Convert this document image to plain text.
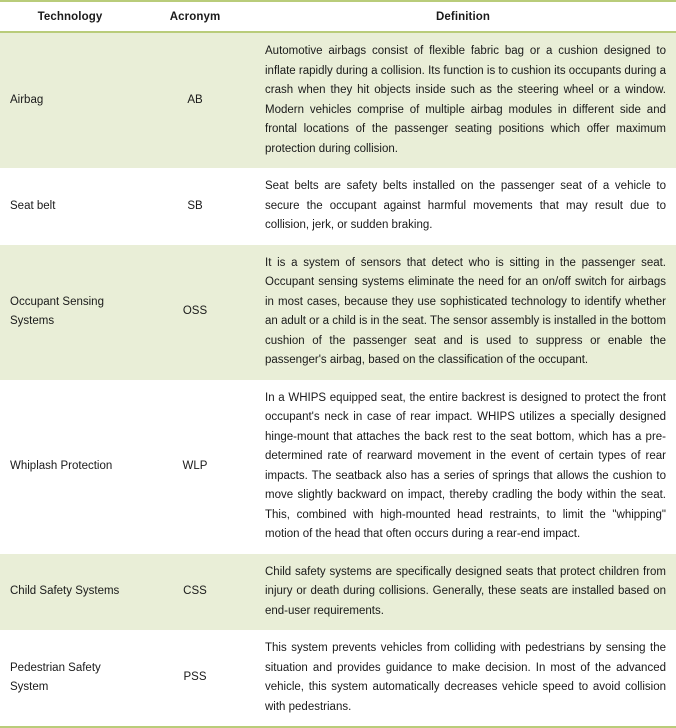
Technology	Acronym	Definition
Airbag	AB	Automotive airbags consist of flexible fabric bag or a cushion designed to inflate rapidly during a collision. Its function is to cushion its occupants during a crash when they hit objects inside such as the steering wheel or a window. Modern vehicles comprise of multiple airbag modules in different side and frontal locations of the passenger seating positions which offer maximum protection during collision.

Seat belt	SB	Seat belts are safety belts installed on the passenger seat of a vehicle to secure the occupant against harmful movements that may result due to collision, jerk, or sudden braking.

Occupant Sensing Systems	OSS	It is a system of sensors that detect who is sitting in the passenger seat. Occupant sensing systems eliminate the need for an on/off switch for airbags in most cases, because they use sophisticated technology to identify whether an adult or a child is in the seat. The sensor assembly is installed in the bottom cushion of the passenger seat and is used to suppress or enable the passenger's airbag, based on the classification of the occupant.

Whiplash Protection	WLP	In a WHIPS equipped seat, the entire backrest is designed to protect the front occupant's neck in case of rear impact. WHIPS utilizes a specially designed hinge-mount that attaches the back rest to the seat bottom, which has a pre-determined rate of rearward movement in the event of certain types of rear impacts. The seatback also has a series of springs that allows the cushion to move slightly backward on impact, thereby cradling the body within the seat. This, combined with high-mounted head restraints, to limit the "whipping" motion of the head that often occurs during a rear-end impact.

Child Safety Systems	CSS	Child safety systems are specifically designed seats that protect children from injury or death during collisions. Generally, these seats are installed based on end-user requirements.

Pedestrian Safety System	PSS	This system prevents vehicles from colliding with pedestrians by sensing the situation and provides guidance to make decision. In most of the advanced vehicle, this system automatically decreases vehicle speed to avoid collision with pedestrians.
